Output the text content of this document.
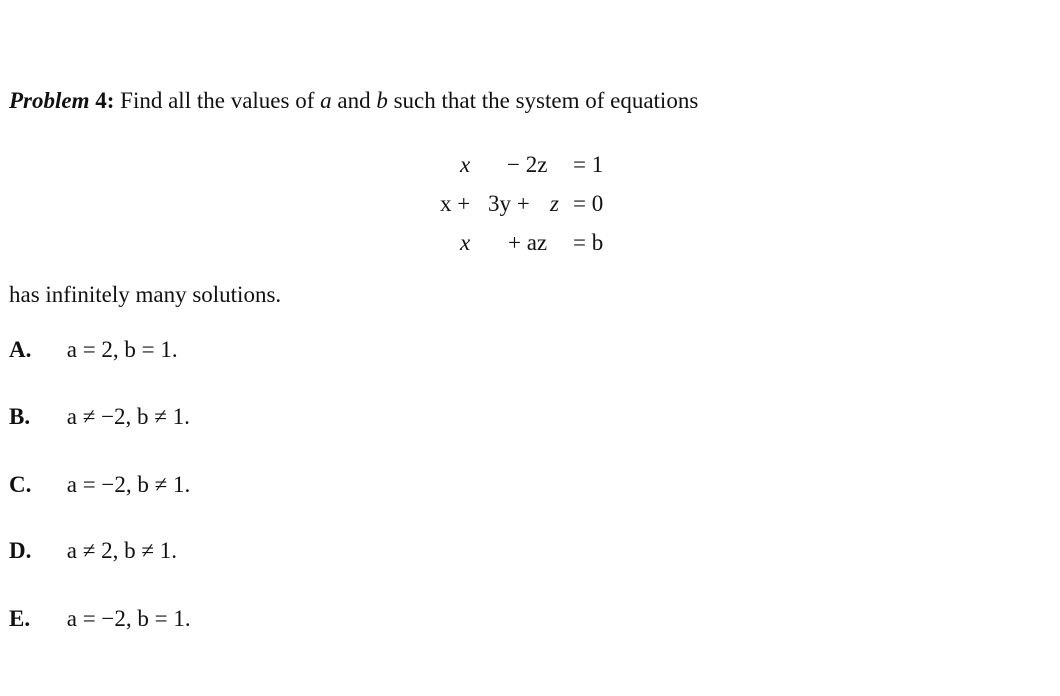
Problem 4: Find all the values of a and b such that the system of equations
x − 2z = 1
x + 3y + z = 0
x + az = b
has infinitely many solutions.
A. a = 2, b = 1.
B. a ≠ −2, b ≠ 1.
C. a = −2, b ≠ 1.
D. a ≠ 2, b ≠ 1.
E. a = −2, b = 1.
